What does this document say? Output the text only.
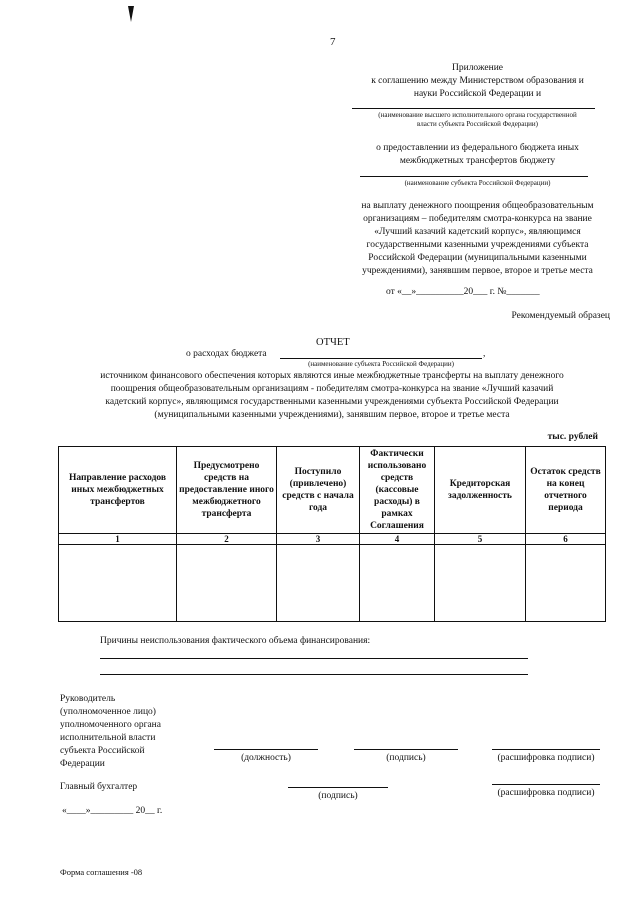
7
Приложение
к соглашению между Министерством образования и
науки Российской Федерации и
(наименование высшего исполнительного органа государственной
власти субъекта Российской Федерации)
о предоставлении из федерального бюджета иных
межбюджетных трансфертов бюджету
(наименование субъекта Российской Федерации)
на выплату денежного поощрения общеобразовательным
организациям – победителям смотра-конкурса на звание
«Лучший казачий кадетский корпус», являющимся
государственными казенными учреждениями субъекта
Российской Федерации (муниципальными казенными
учреждениями), занявшим первое, второе и третье места
от «__»__________20___ г. №_______
Рекомендуемый образец
ОТЧЕТ
о расходах бюджета	,
(наименование субъекта Российской Федерации)
источником финансового обеспечения которых являются иные межбюджетные трансферты на выплату денежного
поощрения общеобразовательным организациям - победителям смотра-конкурса на звание «Лучший казачий
кадетский корпус», являющимся государственными казенными учреждениями субъекта Российской Федерации
(муниципальными казенными учреждениями), занявшим первое, второе и третье места
тыс. рублей
Направление расходов иных межбюджетных трансфертов	Предусмотрено средств на предоставление иного межбюджетного трансферта	Поступило (привлечено) средств с начала года	Фактически использовано средств (кассовые расходы) в рамках Соглашения	Кредиторская задолженность	Остаток средств на конец отчетного периода
1	2	3	4	5	6

Причины неиспользования фактического объема финансирования:
Руководитель
(уполномоченное лицо)
уполномоченного органа
исполнительной власти
субъекта Российской
Федерации
(должность)	(подпись)	(расшифровка подписи)
Главный бухгалтер
(подпись)	(расшифровка подписи)
«____»_________ 20__ г.
Форма соглашения -08
